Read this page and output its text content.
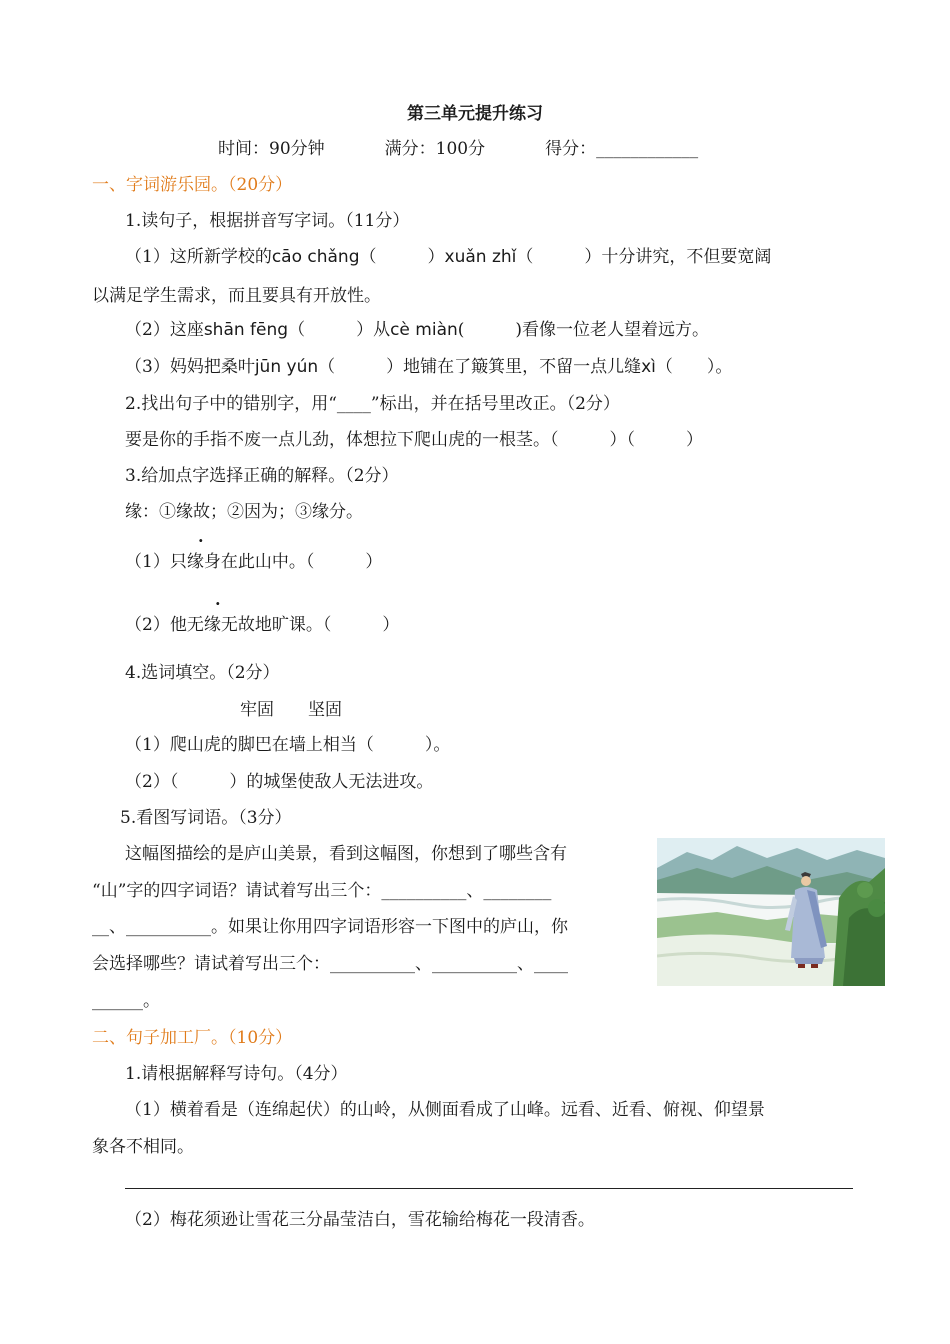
第三单元提升练习
时间：90分钟	满分：100分	得分：____________
一、字词游乐园。（20分）
1.读句子，根据拼音写字词。（11分）
（1）这所新学校的cāo chǎng（　　　）xuǎn zhǐ（　　　）十分讲究，不但要宽阔
以满足学生需求，而且要具有开放性。
（2）这座shān fēng（　　　）从cè miàn(　　　)看像一位老人望着远方。
（3）妈妈把桑叶jūn yún（　　　）地铺在了簸箕里，不留一点儿缝xì（　　）。
2.找出句子中的错别字，用“____”标出，并在括号里改正。（2分）
要是你的手指不废一点儿劲，体想拉下爬山虎的一根茎。（　　　）（　　　）
3.给加点字选择正确的解释。（2分）
缘：①缘故；②因为；③缘分。
·
（1）只缘身在此山中。（　　　）
·
（2）他无缘无故地旷课。（　　　）
4.选词填空。（2分）
牢固　　坚固
（1）爬山虎的脚巴在墙上相当（　　　）。
（2）（　　　）的城堡使敌人无法进攻。
5.看图写词语。（3分）
这幅图描绘的是庐山美景，看到这幅图，你想到了哪些含有
“山”字的四字词语？请试着写出三个：__________、________
__、__________。如果让你用四字词语形容一下图中的庐山，你
会选择哪些？请试着写出三个：__________、__________、____
______。
二、句子加工厂。（10分）
1.请根据解释写诗句。（4分）
（1）横着看是（连绵起伏）的山岭，从侧面看成了山峰。远看、近看、俯视、仰望景
象各不相同。
（2）梅花须逊让雪花三分晶莹洁白，雪花输给梅花一段清香。
